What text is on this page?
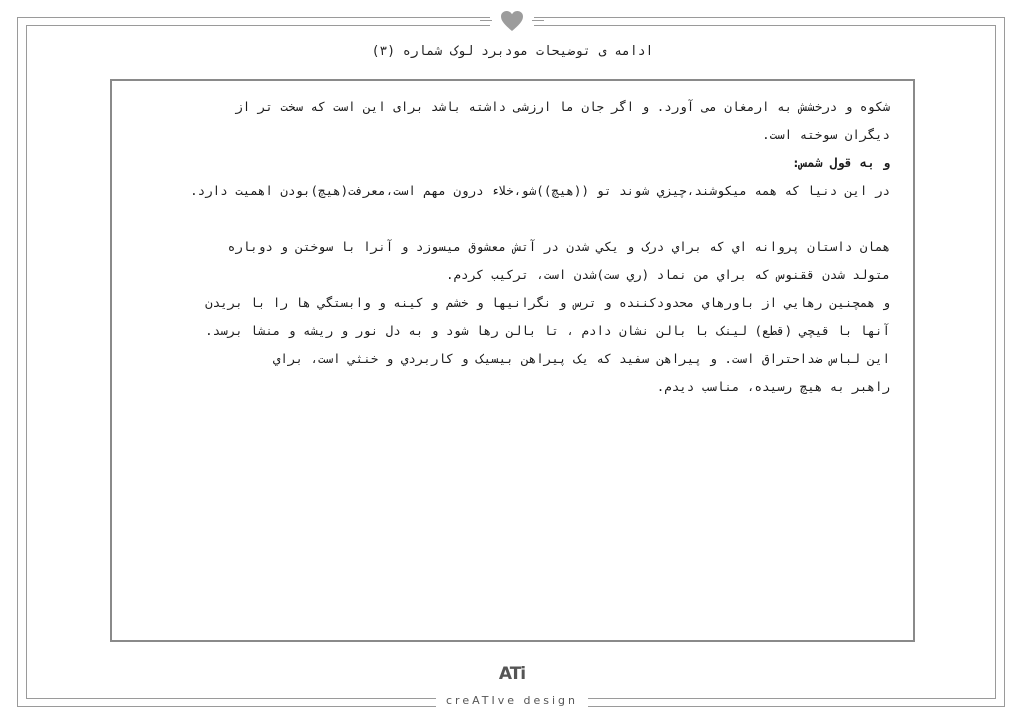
ادامه ی توضیحات مودبرد لوک شماره (۳)
شکوه و درخشش به ارمغان می آورد. و اگر جان ما ارزشی داشته باشد برای این است که سخت تر از
دیگران سوخته است.
و به قول شمس:
در این دنیا که همه میکوشند،چیزي شوند تو ((هیچ))شو،خلاء درون مهم است،معرفت(هیچ)بودن اهمیت دارد.
همان داستان پروانه اي که براي درک و یکي شدن در آتش معشوق میسوزد و آنرا با سوختن و دوباره
متولد شدن ققنوس که براي من نماد (ري ست)شدن است، ترکیب کردم.
و همچنین رهایي از باورهاي محدودکننده و ترس و نگرانیها و خشم و کینه و وابستگي ها را با بریدن
آنها با قیچي (قطع) لینک با بالن نشان دادم ، تا بالن رها شود و به دل نور و ریشه و منشا برسد.
این لباس ضداحتراق است. و پیراهن سفید که یک پیراهن بیسیک و کاربردي و خنثي است، براي
راهبر به هیچ رسیده، مناسب دیدم.
ATi
creATIve design
